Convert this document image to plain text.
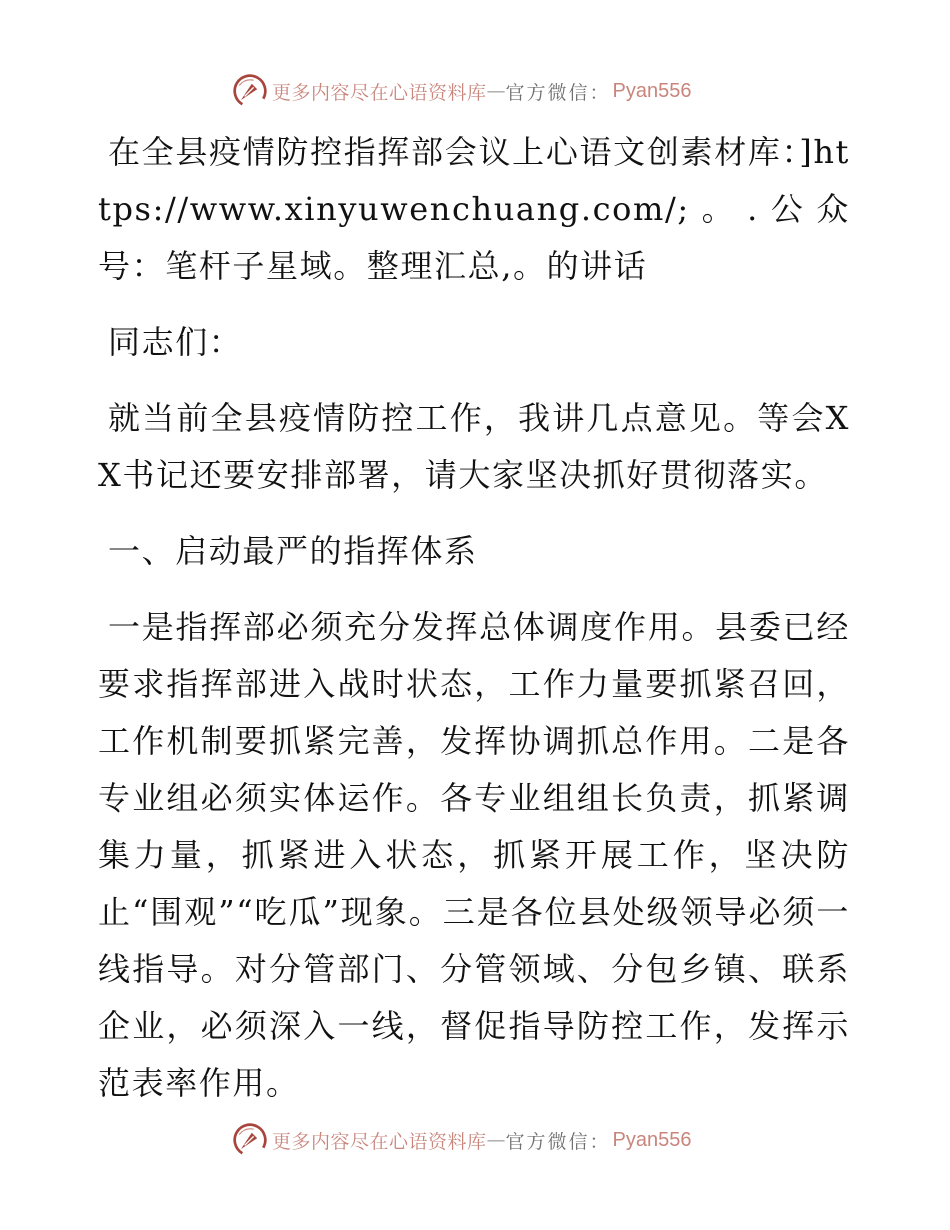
更多内容尽在心语资料库 — 官方微信： Pyan556

在全县疫情防控指挥部会议上心语文创素材库：]https://www.xinyuwenchuang.com/;。.公众号：笔杆子星域。整理汇总,。的讲话

同志们：

就当前全县疫情防控工作，我讲几点意见。等会XX书记还要安排部署，请大家坚决抓好贯彻落实。

一、启动最严的指挥体系

一是指挥部必须充分发挥总体调度作用。县委已经要求指挥部进入战时状态，工作力量要抓紧召回，工作机制要抓紧完善，发挥协调抓总作用。二是各专业组必须实体运作。各专业组组长负责，抓紧调集力量，抓紧进入状态，抓紧开展工作，坚决防止“围观”“吃瓜”现象。三是各位县处级领导必须一线指导。对分管部门、分管领域、分包乡镇、联系企业，必须深入一线，督促指导防控工作，发挥示范表率作用。

更多内容尽在心语资料库 — 官方微信： Pyan556
